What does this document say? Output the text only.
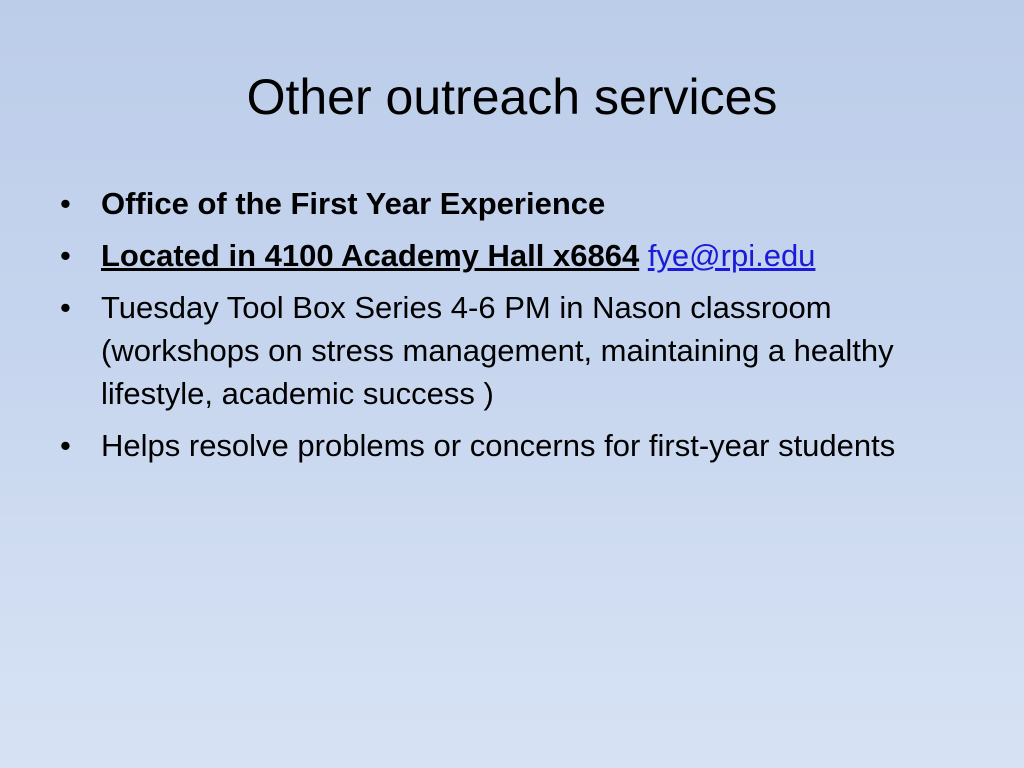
Other outreach services
• Office of the First Year Experience
• Located in 4100 Academy Hall x6864 fye@rpi.edu
• Tuesday Tool Box Series 4-6 PM in Nason classroom (workshops on stress management, maintaining a healthy lifestyle, academic success )
• Helps resolve problems or concerns for first-year students
